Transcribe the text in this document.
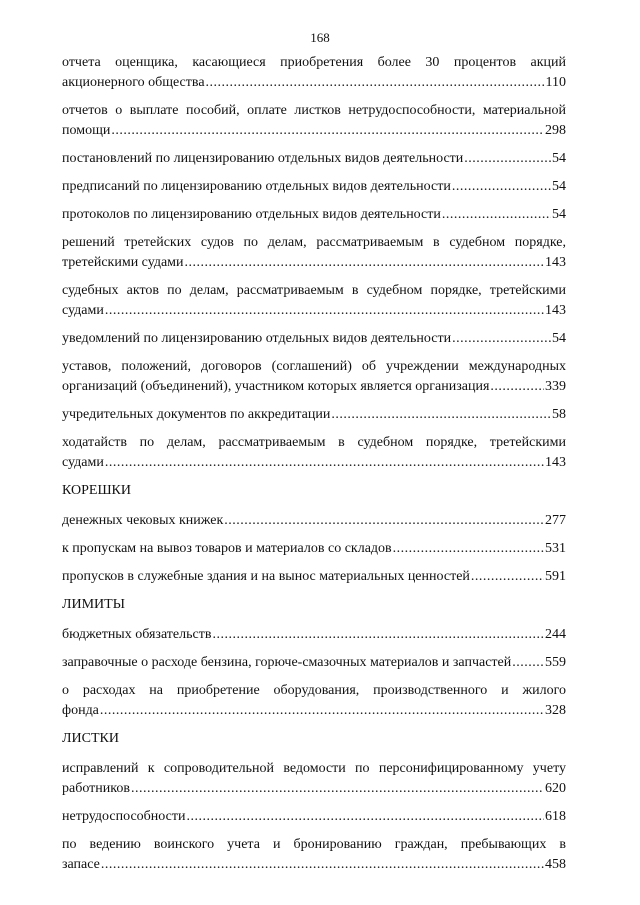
168
отчета оценщика, касающиеся приобретения более 30 процентов акций
акционерного общества .....	110
отчетов о выплате пособий, оплате листков нетрудоспособности, материальной
помощи .....	298
постановлений по лицензированию отдельных видов деятельности .....	54
предписаний по лицензированию отдельных видов деятельности .....	54
протоколов по лицензированию отдельных видов деятельности .....	54
решений третейских судов по делам, рассматриваемым в судебном порядке,
третейскими судами .....	143
судебных актов по делам, рассматриваемым в судебном порядке, третейскими
судами .....	143
уведомлений по лицензированию отдельных видов деятельности .....	54
уставов, положений, договоров (соглашений) об учреждении международных
организаций (объединений), участником которых является организация .....	339
учредительных документов по аккредитации .....	58
ходатайств по делам, рассматриваемым в судебном порядке, третейскими
судами .....	143
КОРЕШКИ
денежных чековых книжек .....	277
к пропускам на вывоз товаров и материалов со складов .....	531
пропусков в служебные здания и на вынос материальных ценностей .....	591
ЛИМИТЫ
бюджетных обязательств .....	244
заправочные о расходе бензина, горюче-смазочных материалов и запчастей ..... 559
о расходах на приобретение оборудования, производственного и жилого
фонда .....	328
ЛИСТКИ
исправлений к сопроводительной ведомости по персонифицированному учету
работников .....	620
нетрудоспособности .....	618
по ведению воинского учета и бронированию граждан, пребывающих в
запасе .....	458
